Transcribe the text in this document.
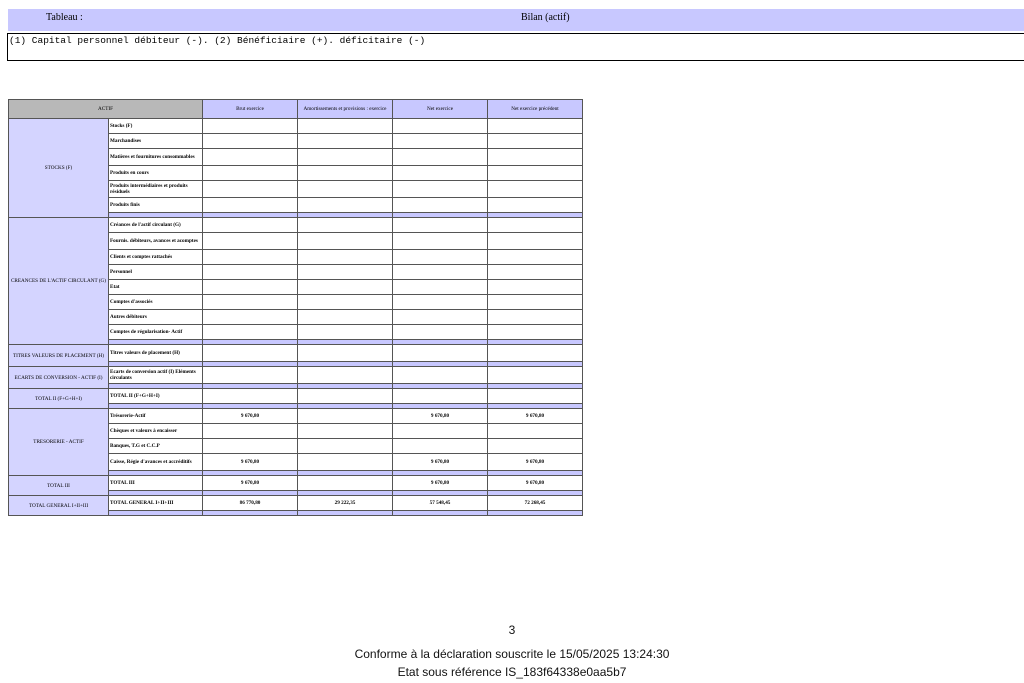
Tableau :	Bilan (actif)
(1) Capital personnel débiteur (-). (2) Bénéficiaire (+). déficitaire (-)
ACTIF		Brut exercice	Amortissements et provisions : exercice	Net exercice	Net exercice précédent
STOCKS (F)	Stocks (F)				
	Marchandises				
	Matières et fournitures consommables				
	Produits en cours				
	Produits intermédiaires et produits résiduels				
	Produits finis				

CREANCES DE L'ACTIF CIRCULANT (G)	Créances de l'actif circulant (G)				
	Fournis. débiteurs, avances et acomptes				
	Clients et comptes rattachés				
	Personnel				
	Etat				
	Comptes d'associés				
	Autres débiteurs				
	Comptes de régularisation- Actif				

TITRES VALEURS DE PLACEMENT (H)	Titres valeurs de placement (H)				

ECARTS DE CONVERSION - ACTIF (I)	Ecarts de conversion actif (I) Eléments circulants				

TOTAL II (F+G+H+I)	TOTAL II (F+G+H+I)				

TRESORERIE - ACTIF	Trésorerie-Actif	9 670,80		9 670,80	9 670,80
	Chèques et valeurs à encaisser				
	Banques, T.G et C.C.P				
	Caisse, Régie d'avances et accréditifs	9 670,80		9 670,80	9 670,80

TOTAL III	TOTAL III	9 670,80		9 670,80	9 670,80

TOTAL GENERAL I+II+III	TOTAL GENERAL I+II+III	86 770,80	29 222,35	57 548,45	72 268,45

3
Conforme à la déclaration souscrite le 15/05/2025 13:24:30
Etat sous référence IS_183f64338e0aa5b7
